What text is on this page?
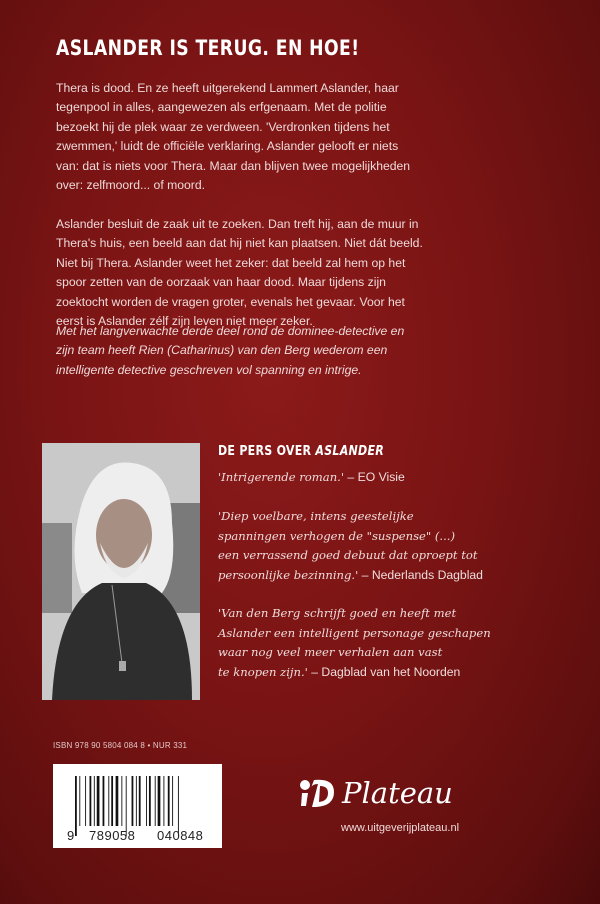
ASLANDER IS TERUG. EN HOE!
Thera is dood. En ze heeft uitgerekend Lammert Aslander, haar
tegenpool in alles, aangewezen als erfgenaam. Met de politie
bezoekt hij de plek waar ze verdween. 'Verdronken tijdens het
zwemmen,' luidt de officiële verklaring. Aslander gelooft er niets
van: dat is niets voor Thera. Maar dan blijven twee mogelijkheden
over: zelfmoord... of moord.
Aslander besluit de zaak uit te zoeken. Dan treft hij, aan de muur in
Thera's huis, een beeld aan dat hij niet kan plaatsen. Niet dát beeld.
Niet bij Thera. Aslander weet het zeker: dat beeld zal hem op het
spoor zetten van de oorzaak van haar dood. Maar tijdens zijn
zoektocht worden de vragen groter, evenals het gevaar. Voor het
eerst is Aslander zélf zijn leven niet meer zeker.
Met het langverwachte derde deel rond de dominee-detective en
zijn team heeft Rien (Catharinus) van den Berg wederom een
intelligente detective geschreven vol spanning en intrige.
DE PERS OVER ASLANDER
'Intrigerende roman.' – EO Visie
'Diep voelbare, intens geestelijke
spanningen verhogen de "suspense" (...)
een verrassend goed debuut dat oproept tot
persoonlijke bezinning.' – Nederlands Dagblad
'Van den Berg schrijft goed en heeft met
Aslander een intelligent personage geschapen
waar nog veel meer verhalen aan vast
te knopen zijn.' – Dagblad van het Noorden
ISBN 978 90 5804 084 8 • NUR 331
9 789058 040848
Plateau
www.uitgeverijplateau.nl
